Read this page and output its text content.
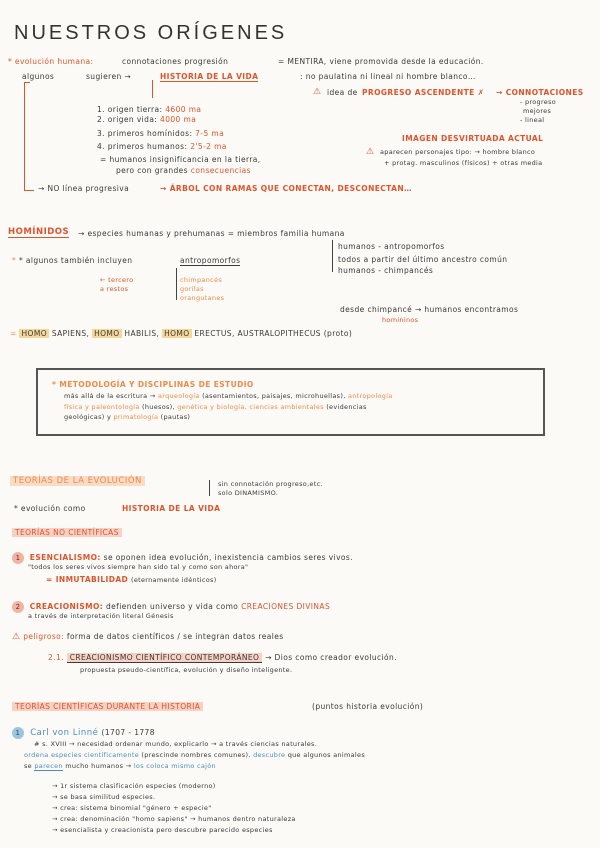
NUESTROS ORÍGENES
* evolución humana:	connotaciones progresión	= MENTIRA, viene promovida desde la educación.
algunos	sugieren →	HISTORIA DE LA VIDA	: no paulatina ni lineal ni hombre blanco…
⚠ idea de PROGRESO ASCENDENTE ✗ → CONNOTACIONES
- progreso
mejores
- lineal
1. origen tierra: 4600 ma
2. origen vida: 4000 ma
3. primeros homínidos: 7-5 ma
4. primeros humanos: 2'5-2 ma
= humanos insignificancia en la tierra,
pero con grandes consecuencias
IMAGEN DESVIRTUADA ACTUAL
⚠ aparecen personajes tipo: → hombre blanco
+ protag. masculinos (físicos) + otras media
→ NO línea progresiva	→ ÁRBOL CON RAMAS QUE CONECTAN, DESCONECTAN…
HOMÍNIDOS → especies humanas y prehumanas = miembros familia humana
humanos - antropomorfos
todos a partir del último ancestro común
humanos - chimpancés
* * algunos también incluyen	antropomorfos
← tercero
a restos
chimpancés
gorilas
orangutanes
desde chimpancé → humanos encontramos
homininos
= HOMO SAPIENS, HOMO HABILIS, HOMO ERECTUS, AUSTRALOPITHECUS (proto)
* METODOLOGÍA Y DISCIPLINAS DE ESTUDIO
más allá de la escritura → arqueología (asentamientos, paisajes, microhuellas), antropología
física y paleontología (huesos), genética y biología, ciencias ambientales (evidencias
geológicas) y primatología (pautas)
TEORÍAS DE LA EVOLUCIÓN	sin connotación progreso,etc.
solo DINAMISMO.
* evolución como	HISTORIA DE LA VIDA
TEORÍAS NO CIENTÍFICAS
1 ESENCIALISMO: se oponen idea evolución, inexistencia cambios seres vivos.
"todos los seres vivos siempre han sido tal y como son ahora"
= INMUTABILIDAD (eternamente idénticos)
2 CREACIONISMO: defienden universo y vida como CREACIONES DIVINAS
a través de interpretación literal Génesis
⚠ peligroso: forma de datos científicos / se integran datos reales
2.1. CREACIONISMO CIENTÍFICO CONTEMPORÁNEO → Dios como creador evolución.
propuesta pseudo-científica, evolución y diseño inteligente.
TEORÍAS CIENTÍFICAS DURANTE LA HISTORIA	(puntos historia evolución)
1 Carl von Linné (1707 - 1778
# s. XVIII → necesidad ordenar mundo, explicarlo → a través ciencias naturales.
ordena especies científicamente (prescinde nombres comunes). descubre que algunos animales
se parecen mucho humanos → los coloca mismo cajón
→ 1r sistema clasificación especies (moderno)
→ se basa similitud especies.
→ crea: sistema binomial "género + especie"
→ crea: denominación "homo sapiens" → humanos dentro naturaleza
→ esencialista y creacionista pero descubre parecido especies
